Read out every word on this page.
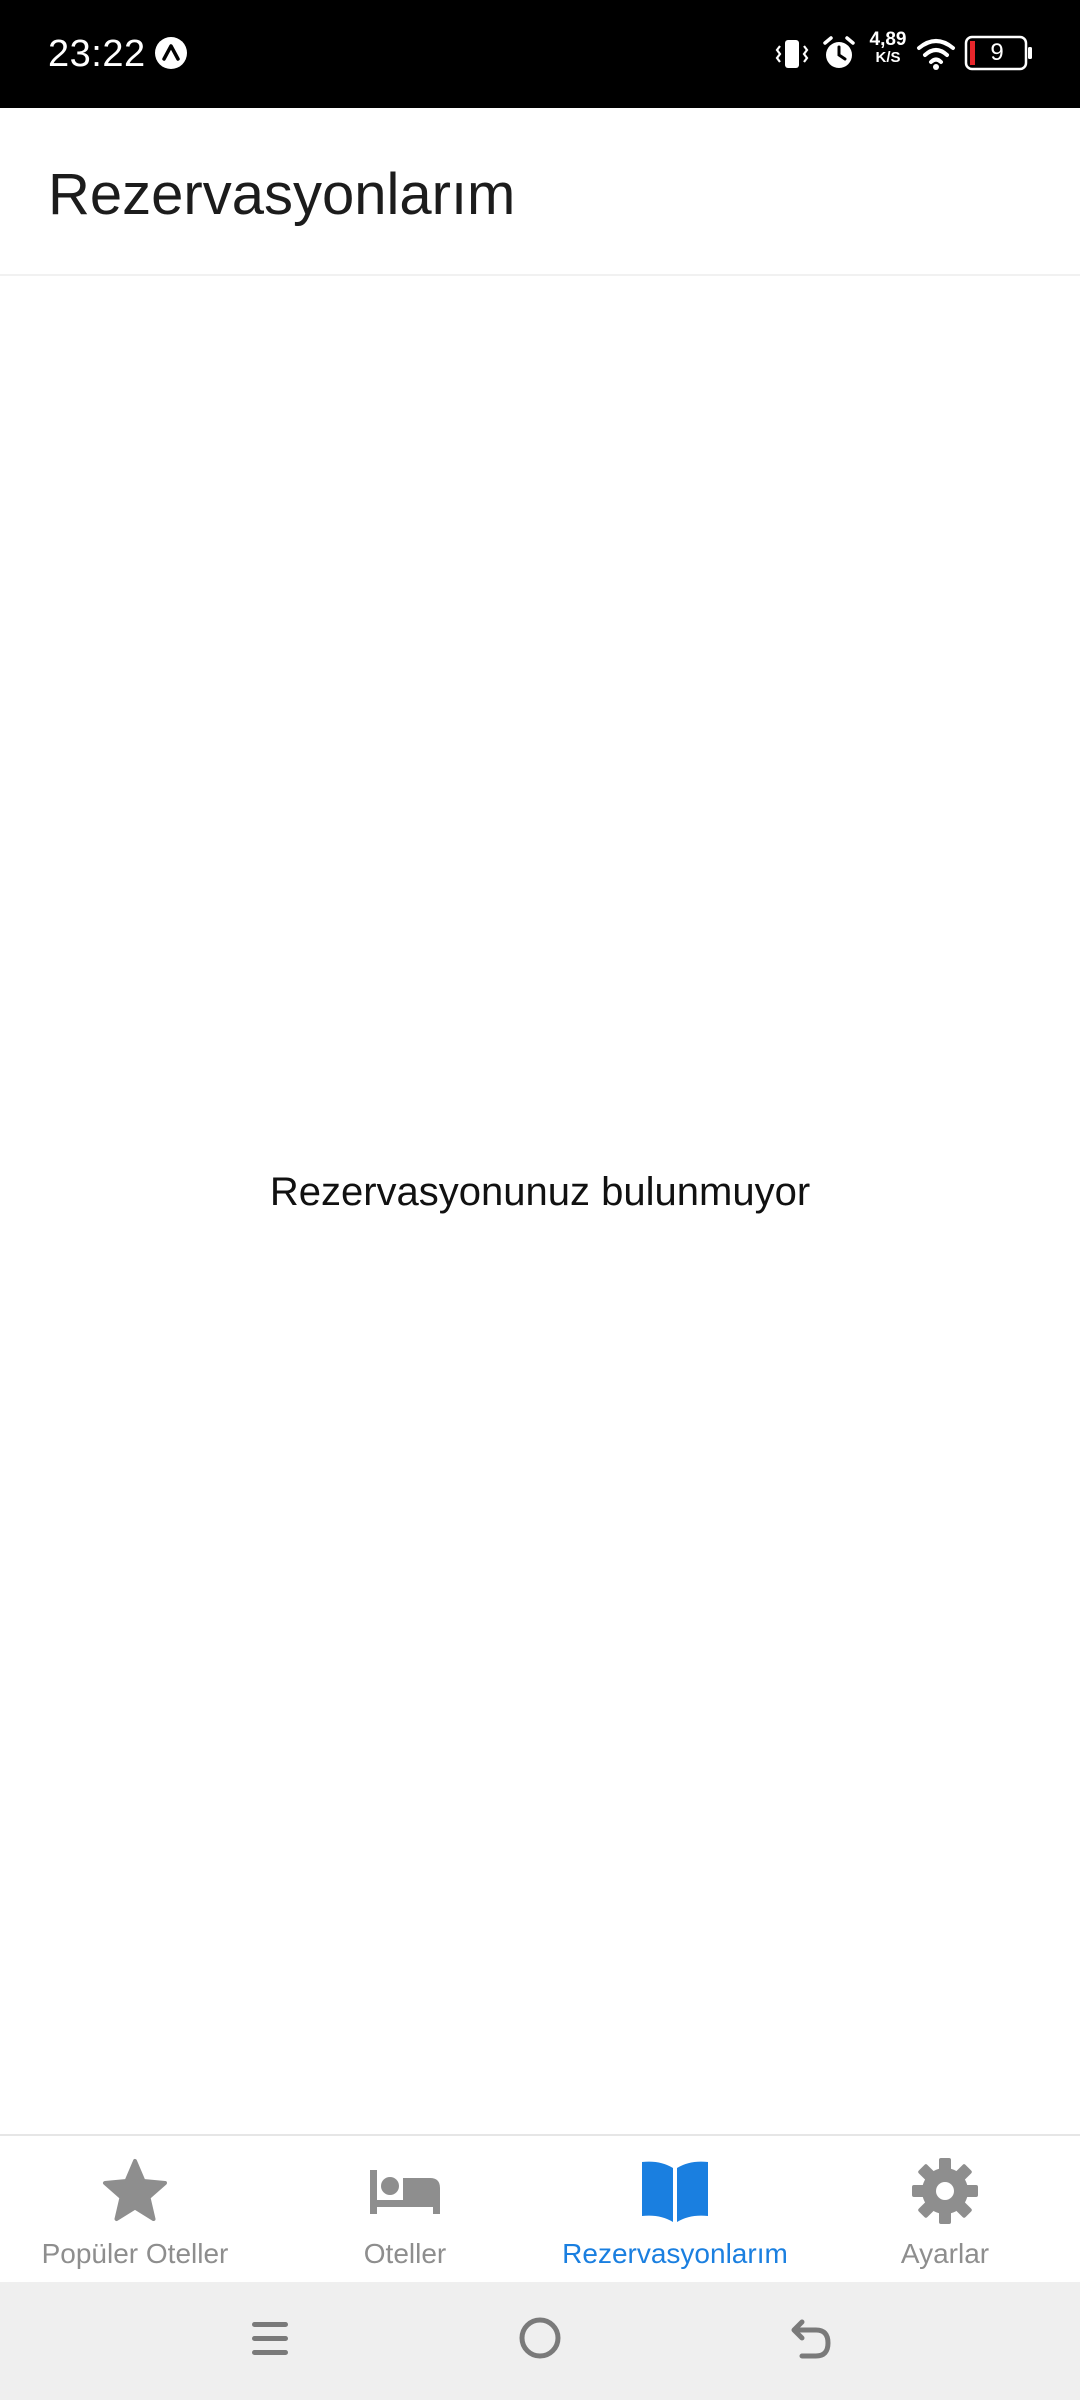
23:22	4,89
K/S	9
Rezervasyonlarım
Rezervasyonunuz bulunmuyor
Popüler Oteller	Oteller	Rezervasyonlarım	Ayarlar
